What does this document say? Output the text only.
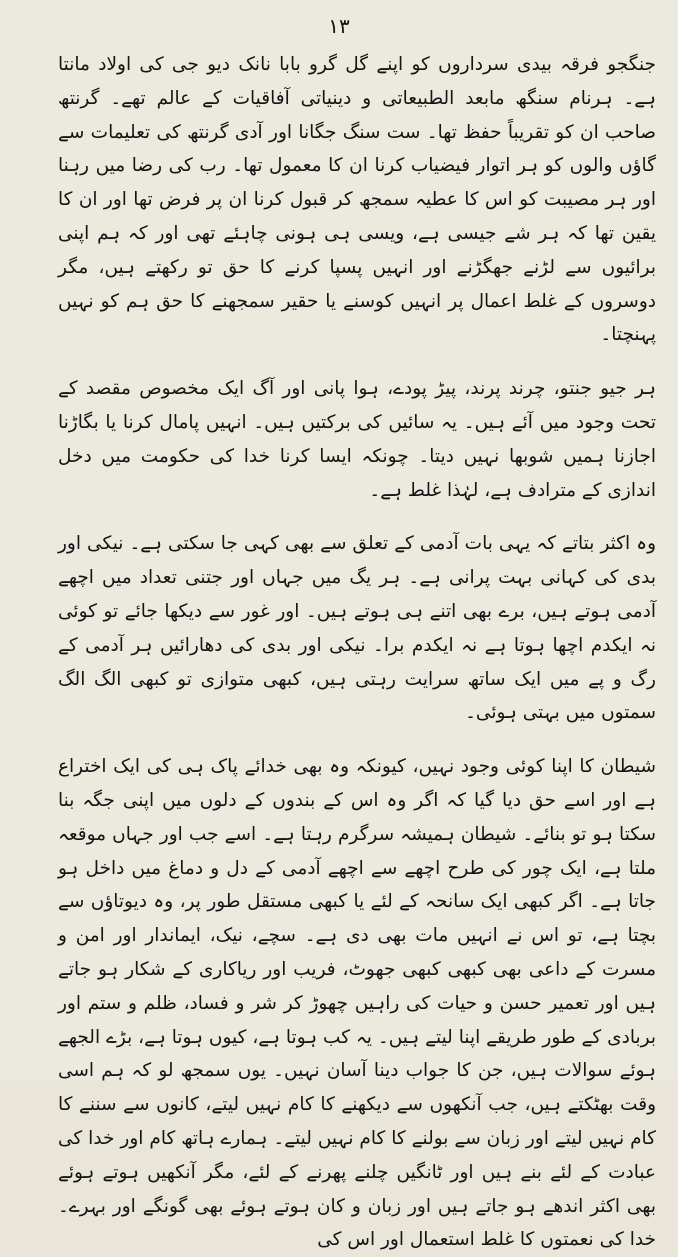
۱۳

جنگجو فرقہ بیدی سرداروں کو اپنے گل گرو بابا نانک دیو جی کی اولاد مانتا ہے۔ ہرنام سنگھ مابعد الطبیعاتی و دینیاتی آفاقیات کے عالم تھے۔ گرنتھ صاحب ان کو تقریباً حفظ تھا۔ ست سنگ جگانا اور آدی گرنتھ کی تعلیمات سے گاؤں والوں کو ہر اتوار فیضیاب کرنا ان کا معمول تھا۔ رب کی رضا میں رہنا اور ہر مصیبت کو اس کا عطیہ سمجھ کر قبول کرنا ان پر فرض تھا اور ان کا یقین تھا کہ ہر شے جیسی ہے، ویسی ہی ہونی چاہئے تھی اور کہ ہم اپنی برائیوں سے لڑنے جھگڑنے اور انہیں پسپا کرنے کا حق تو رکھتے ہیں، مگر دوسروں کے غلط اعمال پر انہیں کوسنے یا حقیر سمجھنے کا حق ہم کو نہیں پہنچتا۔

ہر جیو جنتو، چرند پرند، پیڑ پودے، ہوا پانی اور آگ ایک مخصوص مقصد کے تحت وجود میں آئے ہیں۔ یہ سائیں کی برکتیں ہیں۔ انہیں پامال کرنا یا بگاڑنا اجازنا ہمیں شوبھا نہیں دیتا۔ چونکہ ایسا کرنا خدا کی حکومت میں دخل اندازی کے مترادف ہے، لہٰذا غلط ہے۔

وہ اکثر بتاتے کہ یہی بات آدمی کے تعلق سے بھی کہی جا سکتی ہے۔ نیکی اور بدی کی کہانی بہت پرانی ہے۔ ہر یگ میں جہاں اور جتنی تعداد میں اچھے آدمی ہوتے ہیں، برے بھی اتنے ہی ہوتے ہیں۔ اور غور سے دیکھا جائے تو کوئی نہ ایکدم اچھا ہوتا ہے نہ ایکدم برا۔ نیکی اور بدی کی دھارائیں ہر آدمی کے رگ و پے میں ایک ساتھ سرایت رہتی ہیں، کبھی متوازی تو کبھی الگ الگ سمتوں میں بہتی ہوئی۔

شیطان کا اپنا کوئی وجود نہیں، کیونکہ وہ بھی خدائے پاک ہی کی ایک اختراع ہے اور اسے حق دیا گیا کہ اگر وہ اس کے بندوں کے دلوں میں اپنی جگہ بنا سکتا ہو تو بنائے۔ شیطان ہمیشہ سرگرم رہتا ہے۔ اسے جب اور جہاں موقعہ ملتا ہے، ایک چور کی طرح اچھے سے اچھے آدمی کے دل و دماغ میں داخل ہو جاتا ہے۔ اگر کبھی ایک سانحہ کے لئے یا کبھی مستقل طور پر، وہ دیوتاؤں سے بچتا ہے، تو اس نے انہیں مات بھی دی ہے۔ سچے، نیک، ایماندار اور امن و مسرت کے داعی بھی کبھی کبھی جھوٹ، فریب اور ریاکاری کے شکار ہو جاتے ہیں اور تعمیر حسن و حیات کی راہیں چھوڑ کر شر و فساد، ظلم و ستم اور بربادی کے طور طریقے اپنا لیتے ہیں۔ یہ کب ہوتا ہے، کیوں ہوتا ہے، بڑے الجھے ہوئے سوالات ہیں، جن کا جواب دینا آسان نہیں۔ یوں سمجھ لو کہ ہم اسی وقت بھٹکتے ہیں، جب آنکھوں سے دیکھنے کا کام نہیں لیتے، کانوں سے سننے کا کام نہیں لیتے اور زبان سے بولنے کا کام نہیں لیتے۔ ہمارے ہاتھ کام اور خدا کی عبادت کے لئے بنے ہیں اور ٹانگیں چلنے پھرنے کے لئے، مگر آنکھیں ہوتے ہوئے بھی اکثر اندھے ہو جاتے ہیں اور زبان و کان ہوتے ہوئے بھی گونگے اور بہرے۔ خدا کی نعمتوں کا غلط استعمال اور اس کی
